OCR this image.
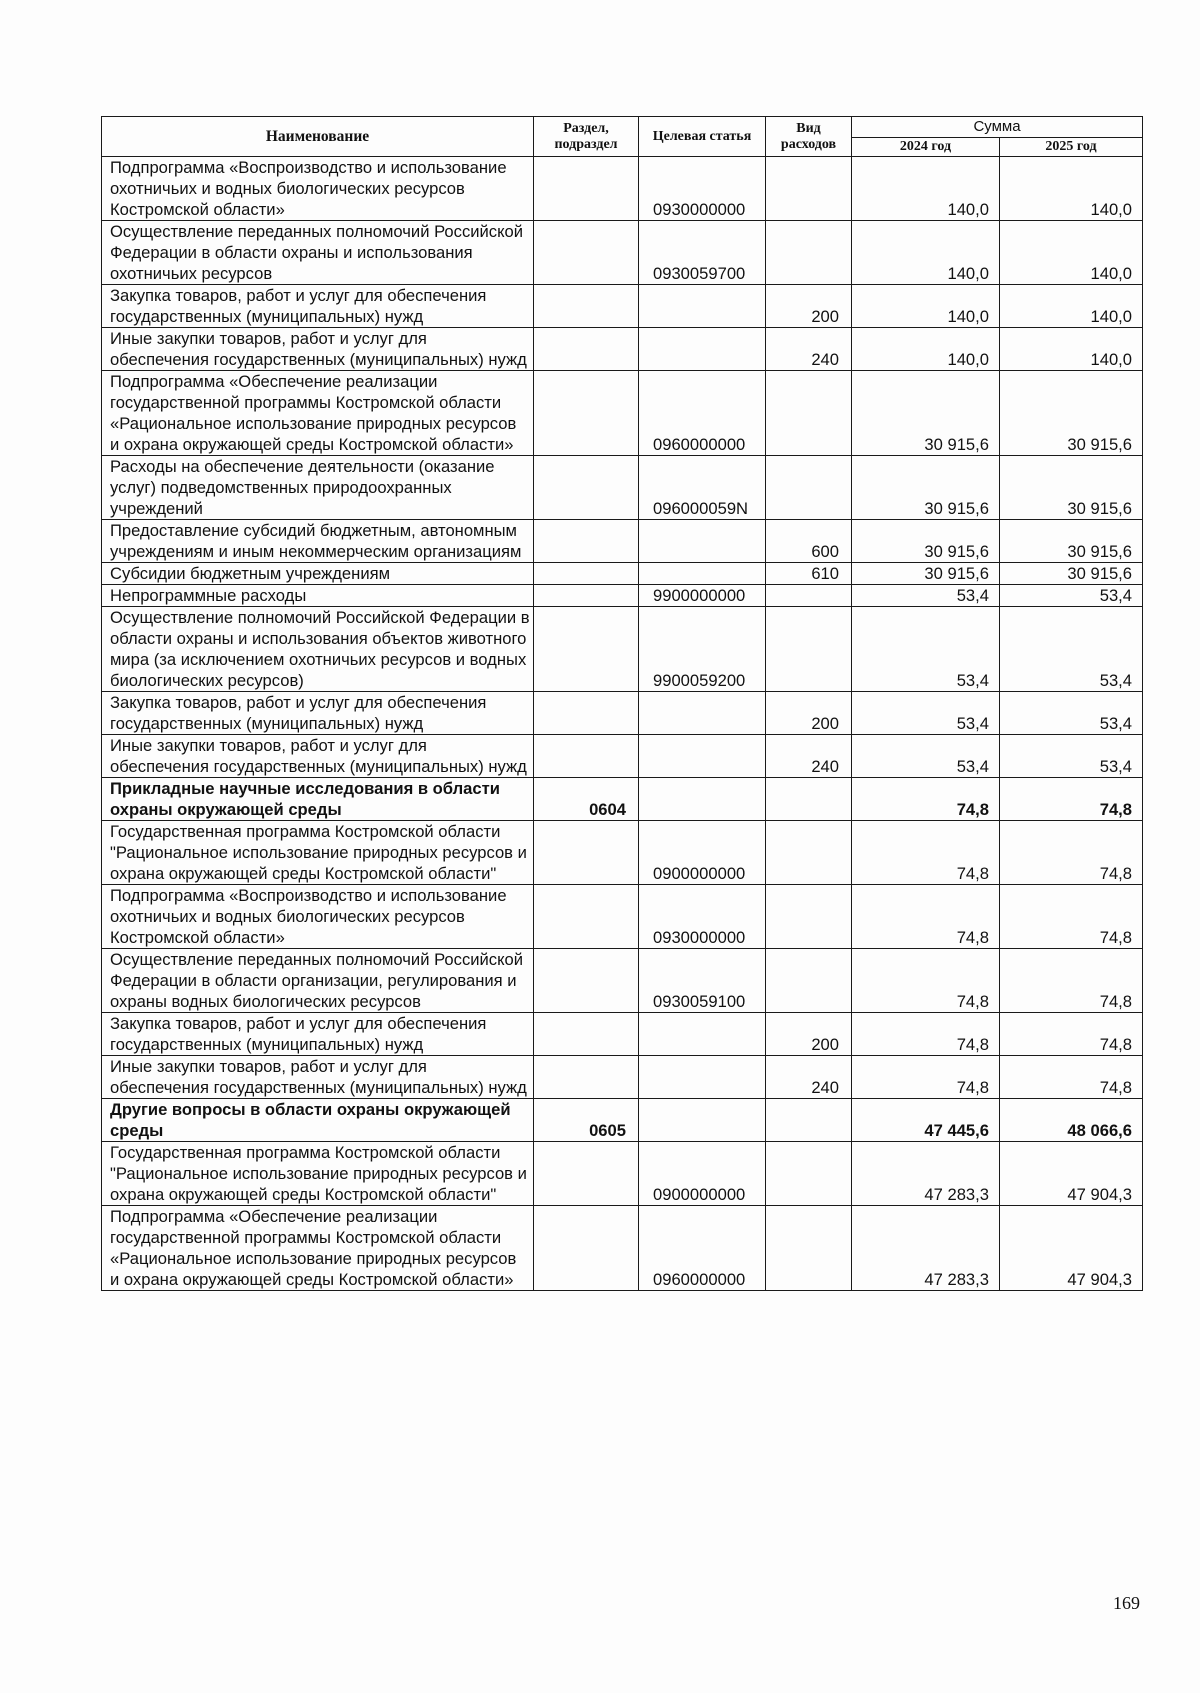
Наименование	Раздел, подраздел	Целевая статья	Вид расходов	Сумма	
				2024 год	2025 год
Подпрограмма «Воспроизводство и использование охотничьих и водных биологических ресурсов Костромской области»		0930000000		140,0	140,0
Осуществление переданных полномочий Российской Федерации в области охраны и использования охотничьих ресурсов		0930059700		140,0	140,0
Закупка товаров, работ и услуг для обеспечения государственных (муниципальных) нужд			200	140,0	140,0
Иные закупки товаров, работ и услуг для обеспечения государственных (муниципальных) нужд			240	140,0	140,0
Подпрограмма «Обеспечение реализации государственной программы Костромской области «Рациональное использование природных ресурсов и охрана окружающей среды Костромской области»		0960000000		30 915,6	30 915,6
Расходы на обеспечение деятельности (оказание услуг) подведомственных природоохранных учреждений		096000059N		30 915,6	30 915,6
Предоставление субсидий бюджетным, автономным учреждениям и иным некоммерческим организациям			600	30 915,6	30 915,6
Субсидии бюджетным учреждениям			610	30 915,6	30 915,6
Непрограммные расходы		9900000000		53,4	53,4
Осуществление полномочий Российской Федерации в области охраны и использования объектов животного мира (за исключением охотничьих ресурсов и водных биологических ресурсов)		9900059200		53,4	53,4
Закупка товаров, работ и услуг для обеспечения государственных (муниципальных) нужд			200	53,4	53,4
Иные закупки товаров, работ и услуг для обеспечения государственных (муниципальных) нужд			240	53,4	53,4
Прикладные научные исследования в области охраны окружающей среды	0604			74,8	74,8
Государственная программа Костромской области "Рациональное использование природных ресурсов и охрана окружающей среды Костромской области"		0900000000		74,8	74,8
Подпрограмма «Воспроизводство и использование охотничьих и водных биологических ресурсов Костромской области»		0930000000		74,8	74,8
Осуществление переданных полномочий Российской Федерации в области организации, регулирования и охраны водных биологических ресурсов		0930059100		74,8	74,8
Закупка товаров, работ и услуг для обеспечения государственных (муниципальных) нужд			200	74,8	74,8
Иные закупки товаров, работ и услуг для обеспечения государственных (муниципальных) нужд			240	74,8	74,8
Другие вопросы в области охраны окружающей среды	0605			47 445,6	48 066,6
Государственная программа Костромской области "Рациональное использование природных ресурсов и охрана окружающей среды Костромской области"		0900000000		47 283,3	47 904,3
Подпрограмма «Обеспечение реализации государственной программы Костромской области «Рациональное использование природных ресурсов и охрана окружающей среды Костромской области»		0960000000		47 283,3	47 904,3
169
